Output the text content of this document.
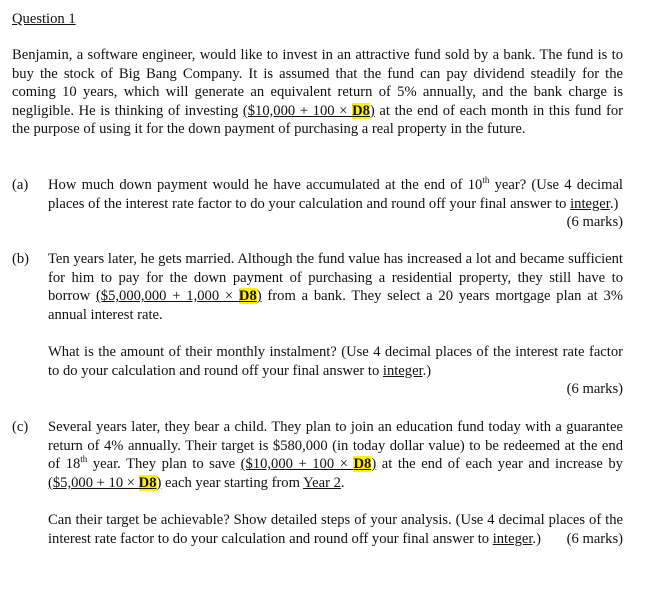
Question 1

Benjamin, a software engineer, would like to invest in an attractive fund sold by a bank. The fund is to buy the stock of Big Bang Company. It is assumed that the fund can pay dividend steadily for the coming 10 years, which will generate an equivalent return of 5% annually, and the bank charge is negligible. He is thinking of investing ($10,000 + 100 × D8) at the end of each month in this fund for the purpose of using it for the down payment of purchasing a real property in the future.

(a) How much down payment would he have accumulated at the end of 10th year? (Use 4 decimal places of the interest rate factor to do your calculation and round off your final answer to integer.)
(6 marks)

(b) Ten years later, he gets married. Although the fund value has increased a lot and became sufficient for him to pay for the down payment of purchasing a residential property, they still have to borrow ($5,000,000 + 1,000 × D8) from a bank. They select a 20 years mortgage plan at 3% annual interest rate.

What is the amount of their monthly instalment? (Use 4 decimal places of the interest rate factor to do your calculation and round off your final answer to integer.)

(6 marks)
(c) Several years later, they bear a child. They plan to join an education fund today with a guarantee return of 4% annually. Their target is $580,000 (in today dollar value) to be redeemed at the end of 18th year. They plan to save ($10,000 + 100 × D8) at the end of each year and increase by ($5,000 + 10 × D8) each year starting from Year 2.

Can their target be achievable? Show detailed steps of your analysis. (Use 4 decimal places of the interest rate factor to do your calculation and round off your final answer to integer.) (6 marks)
